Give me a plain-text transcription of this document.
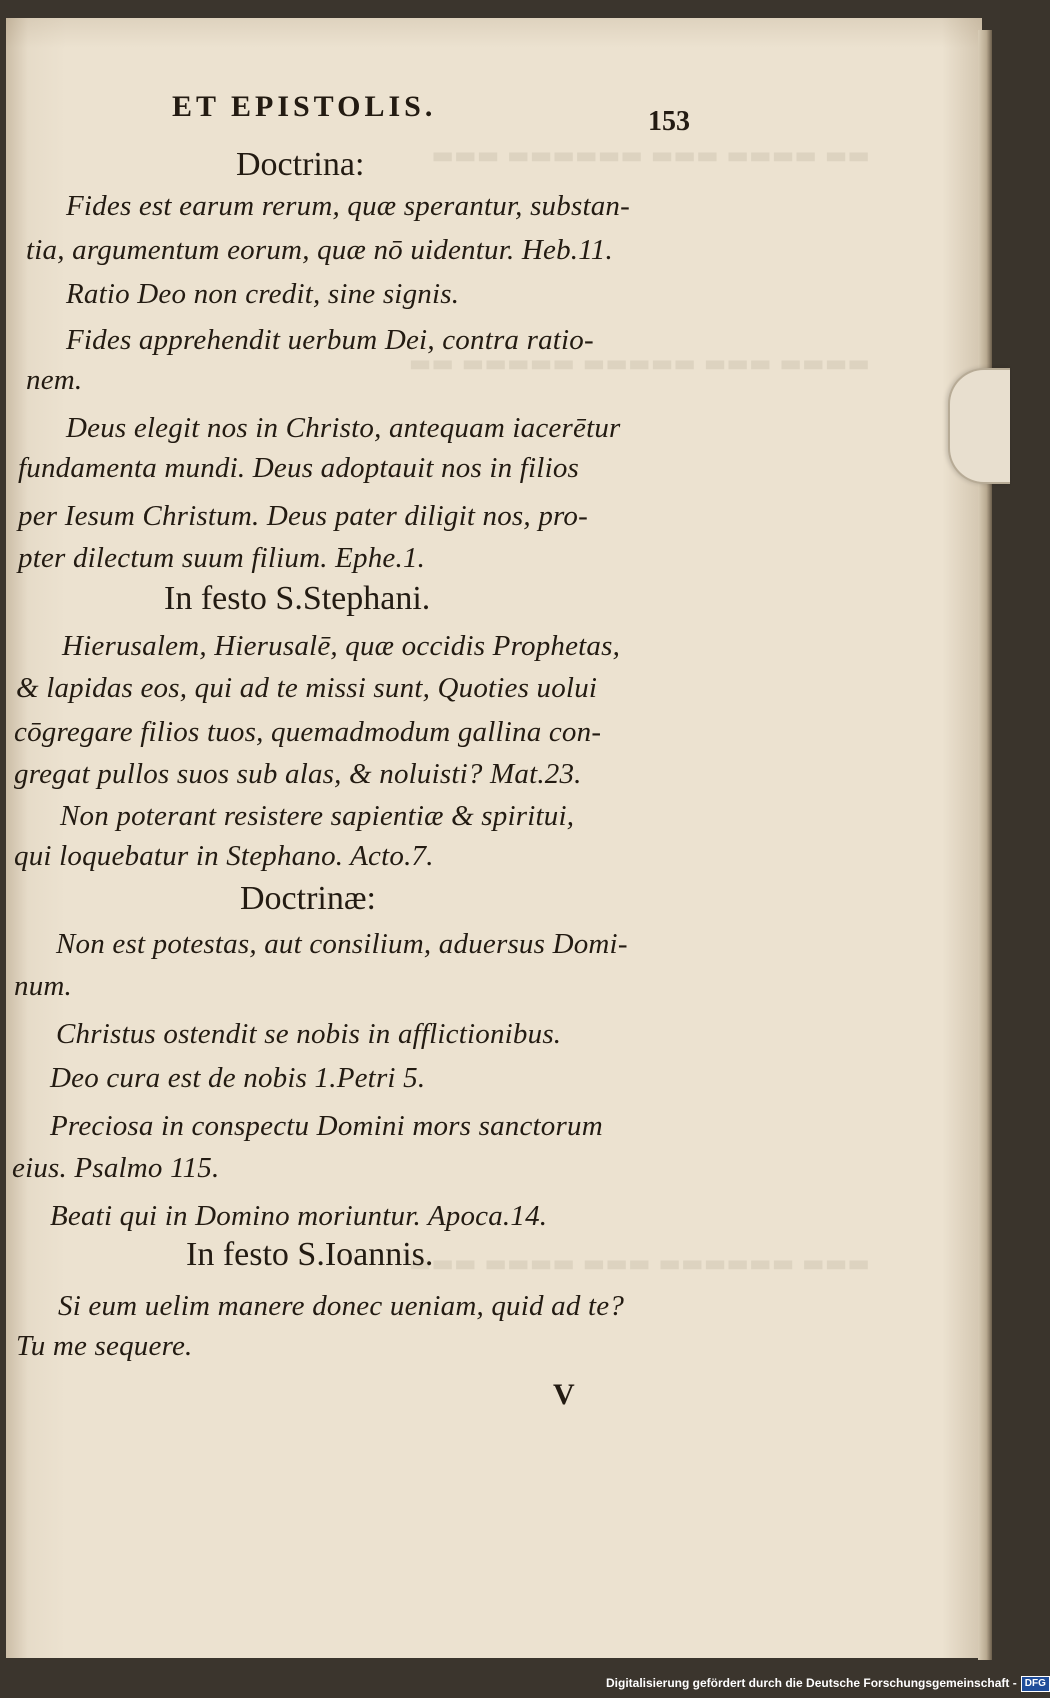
▬▬ ▬▬▬▬ ▬▬▬ ▬▬▬▬▬▬ ▬▬▬
▬▬▬▬ ▬▬▬ ▬▬▬▬▬ ▬▬▬▬▬ ▬▬
▬▬▬ ▬▬▬▬▬▬ ▬▬▬ ▬▬▬▬ ▬▬▬
ET EPISTOLIS.	153
Doctrina:
Fides est earum rerum, quæ sperantur, substan-
tia, argumentum eorum, quæ nō uidentur. Heb.11.
Ratio Deo non credit, sine signis.
Fides apprehendit uerbum Dei, contra ratio-
nem.
Deus elegit nos in Christo, antequam iacerētur
fundamenta mundi. Deus adoptauit nos in filios
per Iesum Christum. Deus pater diligit nos, pro-
pter dilectum suum filium. Ephe.1.
In festo S.Stephani.
Hierusalem, Hierusalē, quæ occidis Prophetas,
& lapidas eos, qui ad te missi sunt, Quoties uolui
cōgregare filios tuos, quemadmodum gallina con-
gregat pullos suos sub alas, & noluisti? Mat.23.
Non poterant resistere sapientiæ & spiritui,
qui loquebatur in Stephano. Acto.7.
Doctrinæ:
Non est potestas, aut consilium, aduersus Domi-
num.
Christus ostendit se nobis in afflictionibus.
Deo cura est de nobis 1.Petri 5.
Preciosa in conspectu Domini mors sanctorum
eius. Psalmo 115.
Beati qui in Domino moriuntur. Apoca.14.
In festo S.Ioannis.
Si eum uelim manere donec ueniam, quid ad te?
Tu me sequere.
V
Digitalisierung gefördert durch die Deutsche Forschungsgemeinschaft - DFG
